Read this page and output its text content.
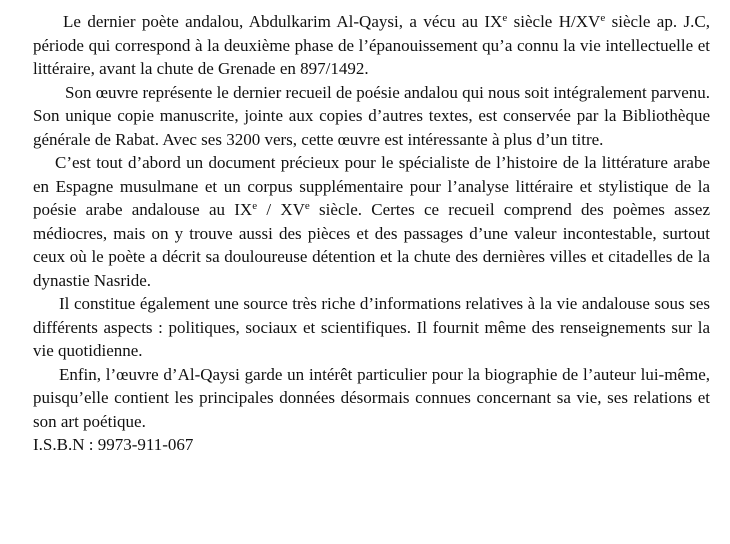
Le dernier poète andalou, Abdulkarim Al-Qaysi, a vécu au IXe siècle H/XVe siècle ap. J.C, période qui correspond à la deuxième phase de l’épanouissement qu’a connu la vie intellectuelle et littéraire, avant la chute de Grenade en 897/1492.

Son œuvre représente le dernier recueil de poésie andalou qui nous soit intégralement parvenu. Son unique copie manuscrite, jointe aux copies d’autres textes, est conservée par la Bibliothèque générale de Rabat. Avec ses 3200 vers, cette œuvre est intéressante à plus d’un titre.

C’est tout d’abord un document précieux pour le spécialiste de l’histoire de la littérature arabe en Espagne musulmane et un corpus supplémentaire pour l’analyse littéraire et stylistique de la poésie arabe andalouse au IXe / XVe siècle. Certes ce recueil comprend des poèmes assez médiocres, mais on y trouve aussi des pièces et des passages d’une valeur incontestable, surtout ceux où le poète a décrit sa douloureuse détention et la chute des dernières villes et citadelles de la dynastie Nasride.

Il constitue également une source très riche d’informations relatives à la vie andalouse sous ses différents aspects : politiques, sociaux et scientifiques. Il fournit même des renseignements sur la vie quotidienne.

Enfin, l’œuvre d’Al-Qaysi garde un intérêt particulier pour la biographie de l’auteur lui-même, puisqu’elle contient les principales données désormais connues concernant sa vie, ses relations et son art poétique.

I.S.B.N : 9973-911-067
